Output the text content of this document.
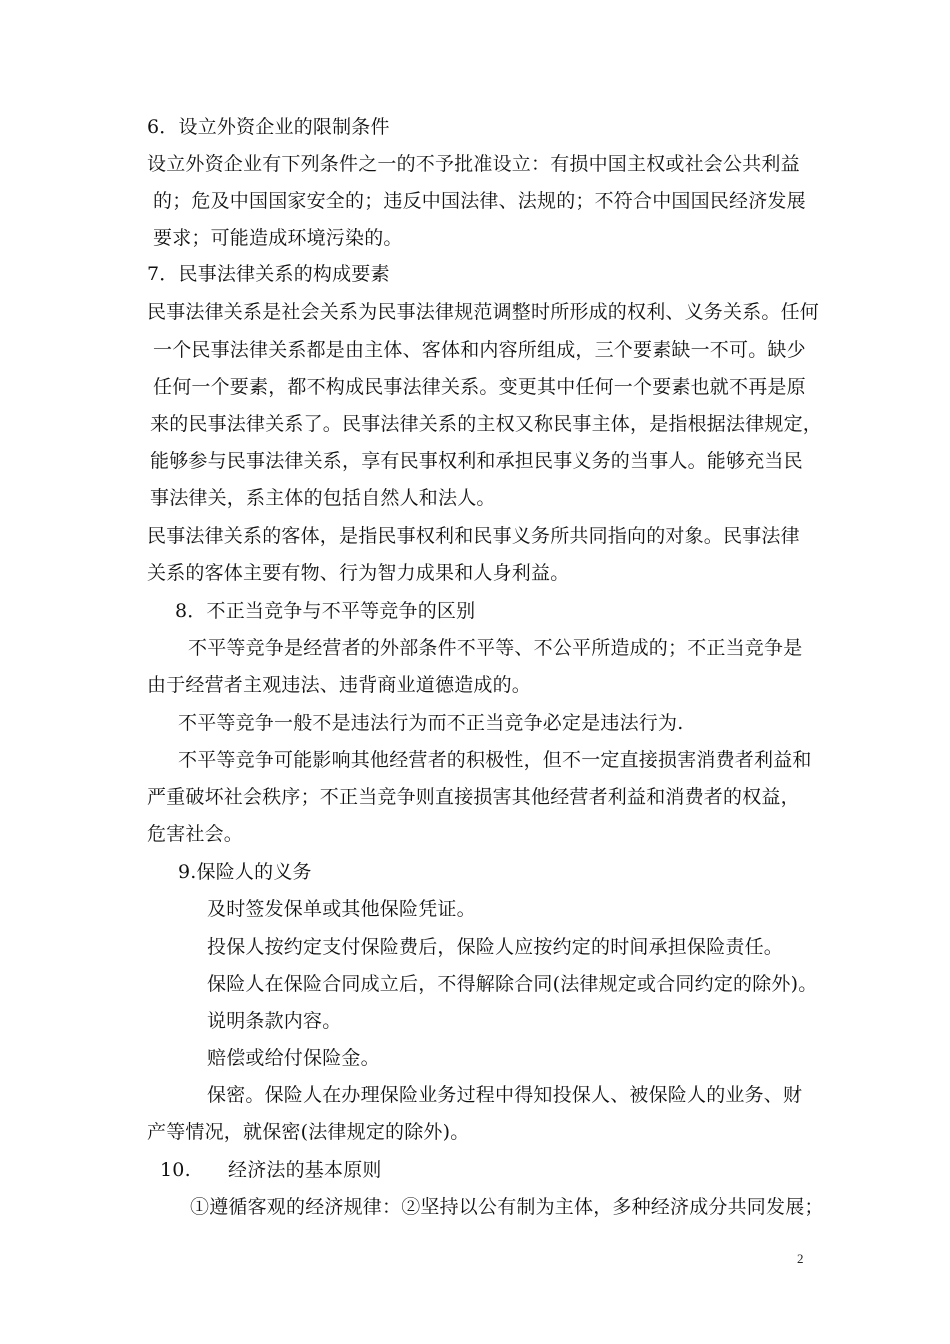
6．设立外资企业的限制条件
设立外资企业有下列条件之一的不予批准设立：有损中国主权或社会公共利益
的；危及中国国家安全的；违反中国法律、法规的；不符合中国国民经济发展
要求；可能造成环境污染的。
7．民事法律关系的构成要素
民事法律关系是社会关系为民事法律规范调整时所形成的权利、义务关系。任何
一个民事法律关系都是由主体、客体和内容所组成，三个要素缺一不可。缺少
任何一个要素，都不构成民事法律关系。变更其中任何一个要素也就不再是原
来的民事法律关系了。民事法律关系的主权又称民事主体，是指根据法律规定，
能够参与民事法律关系，享有民事权利和承担民事义务的当事人。能够充当民
事法律关，系主体的包括自然人和法人。
民事法律关系的客体，是指民事权利和民事义务所共同指向的对象。民事法律
关系的客体主要有物、行为智力成果和人身利益。
8．不正当竞争与不平等竞争的区别
不平等竞争是经营者的外部条件不平等、不公平所造成的；不正当竞争是
由于经营者主观违法、违背商业道德造成的。
不平等竞争一般不是违法行为而不正当竞争必定是违法行为.
不平等竞争可能影响其他经营者的积极性，但不一定直接损害消费者利益和
严重破坏社会秩序；不正当竞争则直接损害其他经营者利益和消费者的权益，
危害社会。
9.保险人的义务
及时签发保单或其他保险凭证。
投保人按约定支付保险费后，保险人应按约定的时间承担保险责任。
保险人在保险合同成立后，不得解除合同(法律规定或合同约定的除外)。
说明条款内容。
赔偿或给付保险金。
保密。保险人在办理保险业务过程中得知投保人、被保险人的业务、财
产等情况，就保密(法律规定的除外)。
10. 经济法的基本原则
①遵循客观的经济规律：②坚持以公有制为主体，多种经济成分共同发展；
2
